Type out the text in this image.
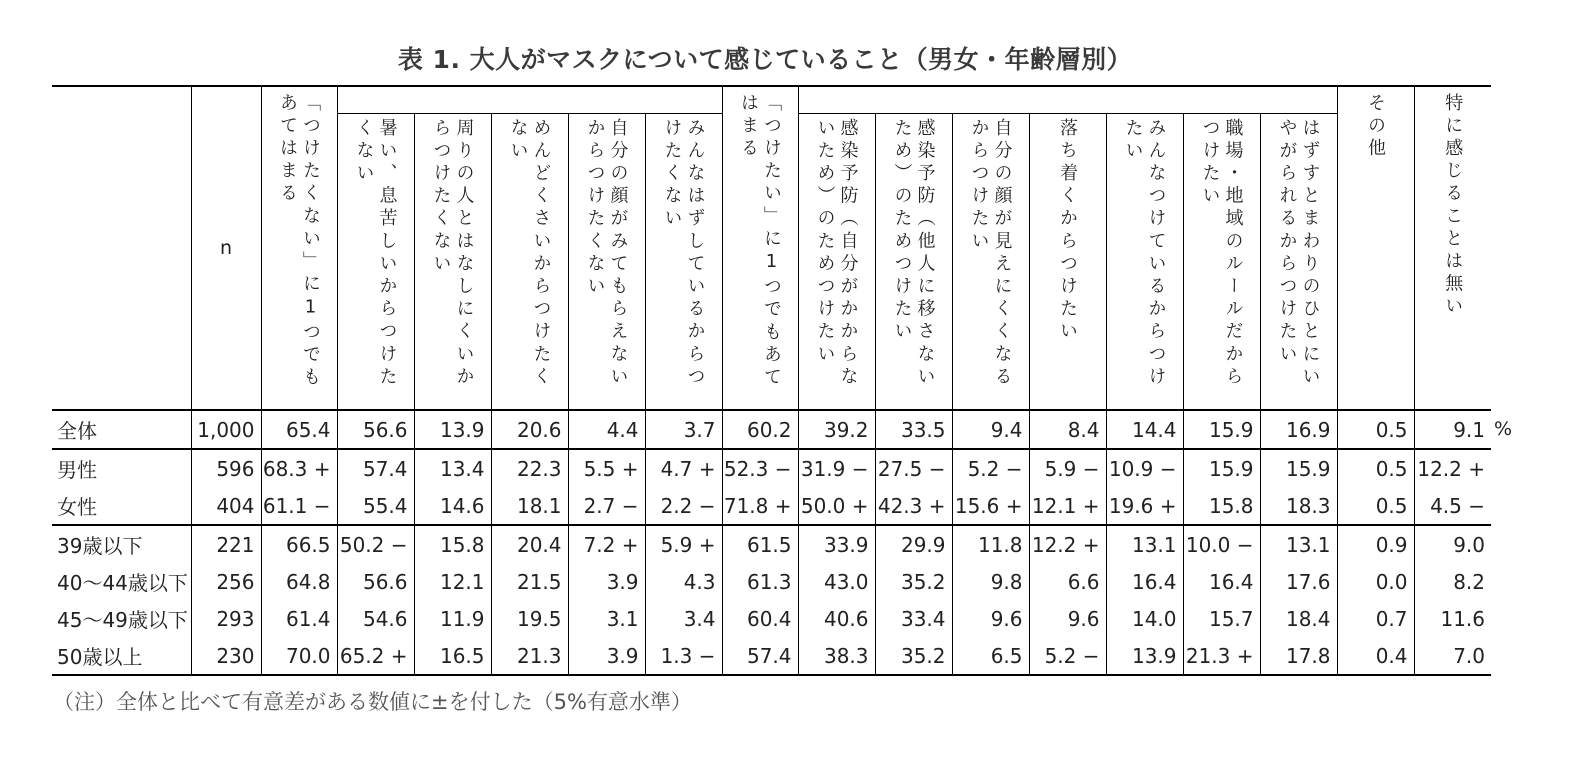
表 1. 大人がマスクについて感じていること（男女・年齢層別）
	n	「つけたくない」に1つでもあてはまる						「つけたい」に1つでもあてはまる								その他	特に感じることは無い

			暑い、息苦しいからつけたくない	周りの人とはなしにくいからつけたくない	めんどくさいからつけたくない	自分の顔がみてもらえないからつけたくない	みんなはずしているからつけたくない		感染予防（自分がかからないため）のためつけたい	感染予防（他人に移さないため）のためつけたい	自分の顔が見えにくくなるからつけたい	落ち着くからつけたい	みんなつけているからつけたい	職場・地域のルールだからつけたい	はずすとまわりのひとにいやがられるからつけたい		

全体	1,000	65.4	56.6	13.9	20.6	4.4	3.7	60.2	39.2	33.5	9.4	8.4	14.4	15.9	16.9	0.5	9.1
男性	596	68.3 +	57.4	13.4	22.3	5.5 +	4.7 +	52.3 −	31.9 −	27.5 −	5.2 −	5.9 −	10.9 −	15.9	15.9	0.5	12.2 +
女性	404	61.1 −	55.4	14.6	18.1	2.7 −	2.2 −	71.8 +	50.0 +	42.3 +	15.6 +	12.1 +	19.6 +	15.8	18.3	0.5	4.5 −
39歳以下	221	66.5	50.2 −	15.8	20.4	7.2 +	5.9 +	61.5	33.9	29.9	11.8	12.2 +	13.1	10.0 −	13.1	0.9	9.0
40〜44歳以下	256	64.8	56.6	12.1	21.5	3.9	4.3	61.3	43.0	35.2	9.8	6.6	16.4	16.4	17.6	0.0	8.2
45〜49歳以下	293	61.4	54.6	11.9	19.5	3.1	3.4	60.4	40.6	33.4	9.6	9.6	14.0	15.7	18.4	0.7	11.6
50歳以上	230	70.0	65.2 +	16.5	21.3	3.9	1.3 −	57.4	38.3	35.2	6.5	5.2 −	13.9	21.3 +	17.8	0.4	7.0
%
（注）全体と比べて有意差がある数値に±を付した（5%有意水準）
